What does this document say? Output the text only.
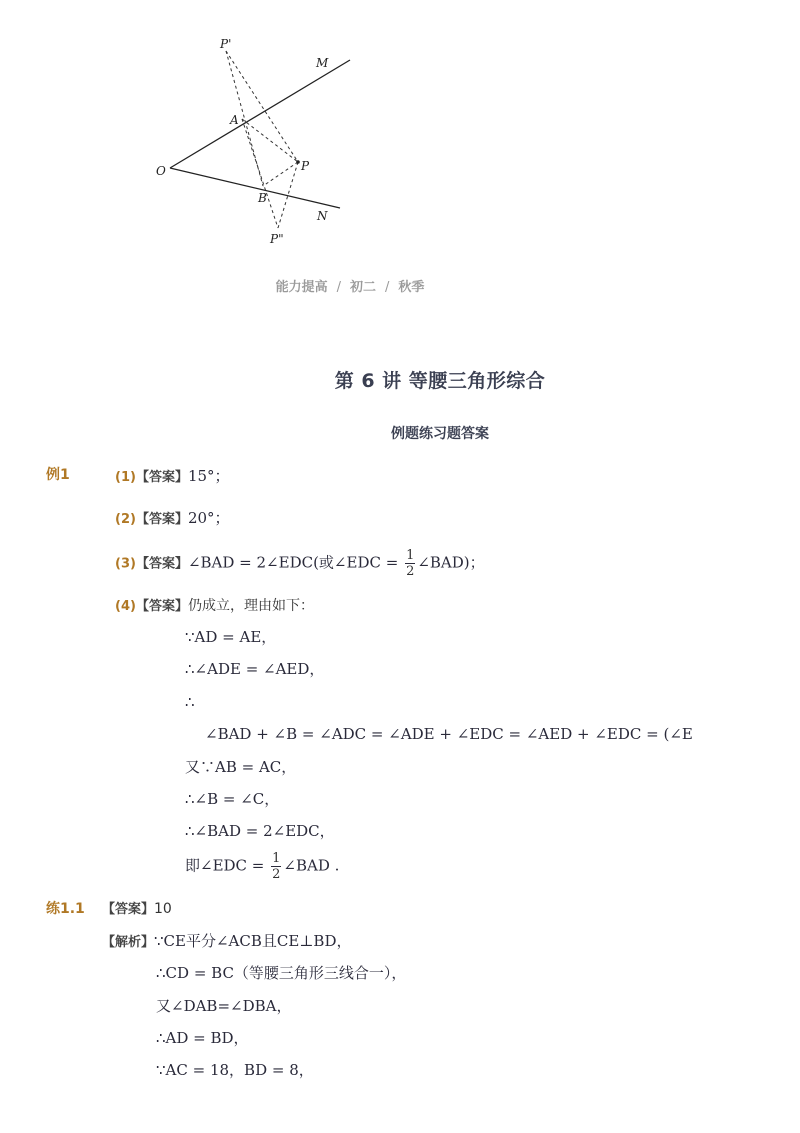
P'
M
A
P
O
B
N
P"
能力提高 / 初二 / 秋季
第 6 讲 等腰三角形综合
例题练习题答案
例1	(1)【答案】15°；
(2)【答案】20°；
(3)【答案】∠BAD = 2∠EDC(或∠EDC = $\frac{1}{2}$ ∠BAD)；
(4)【答案】仍成立，理由如下：
∵AD = AE，
∴∠ADE = ∠AED，
∴
∠BAD + ∠B = ∠ADC = ∠ADE + ∠EDC = ∠AED + ∠EDC = (∠E
又∵AB = AC，
∴∠B = ∠C，
∴∠BAD = 2∠EDC，
即∠EDC = $\frac{1}{2}$ ∠BAD .
练1.1 【答案】10
【解析】∵CE平分∠ACB且CE⊥BD，
∴CD = BC（等腰三角形三线合一），
又∠DAB=∠DBA，
∴AD = BD，
∵AC = 18，BD = 8，
